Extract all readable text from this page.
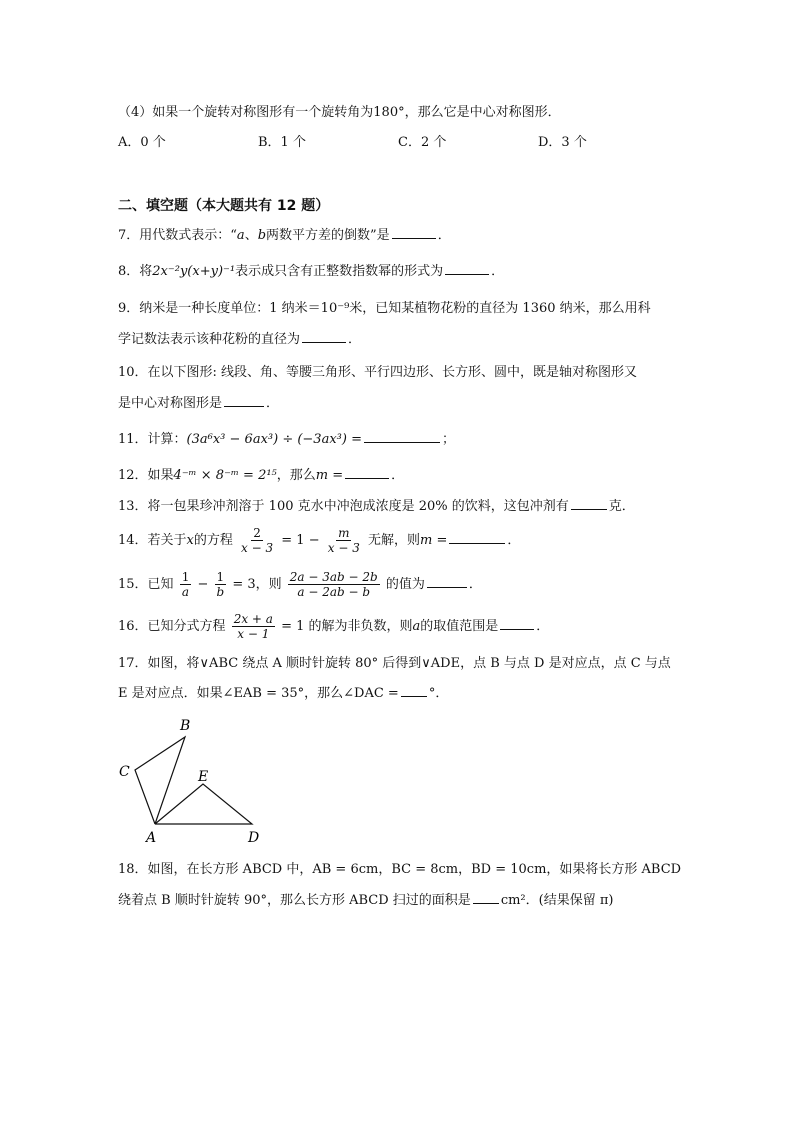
（4）如果一个旋转对称图形有一个旋转角为180°，那么它是中心对称图形．
A．0 个	B．1 个	C．2 个	D．3 个
二、填空题（本大题共有 12 题）
7．用代数式表示：“a、b两数平方差的倒数”是	．
8．将2x⁻²y(x+y)⁻¹表示成只含有正整数指数幂的形式为	．
9．纳米是一种长度单位：1 纳米＝10⁻⁹米，已知某植物花粉的直径为 1360 纳米，那么用科
学记数法表示该种花粉的直径为	．
10．在以下图形: 线段、角、等腰三角形、平行四边形、长方形、圆中，既是轴对称图形又
是中心对称图形是	．
11．计算：(3a⁶x³ − 6ax³) ÷ (−3ax³) =	；
12．如果4⁻ᵐ × 8⁻ᵐ = 2¹⁵，那么m =	．
13．将一包果珍冲剂溶于 100 克水中冲泡成浓度是 20% 的饮料，这包冲剂有	克．
14．若关于x的方程 $\frac{2}{x - 3} = 1 - \frac{m}{x - 3}$ 无解，则m =	．
15．已知 $\frac{1}{a} - \frac{1}{b} = 3$，则 $\frac{2a - 3ab - 2b}{a - 2ab - b}$ 的值为	．
16．已知分式方程 $\frac{2x + a}{x - 1} = 1$ 的解为非负数，则a的取值范围是	．
17．如图，将∨ABC 绕点 A 顺时针旋转 80° 后得到∨ADE，点 B 与点 D 是对应点，点 C 与点
E 是对应点．如果∠EAB = 35°，那么∠DAC = °．
A
B
C
D
E
18．如图，在长方形 ABCD 中，AB = 6cm，BC = 8cm，BD = 10cm，如果将长方形 ABCD
绕着点 B 顺时针旋转 90°，那么长方形 ABCD 扫过的面积是 cm²．(结果保留 π)
